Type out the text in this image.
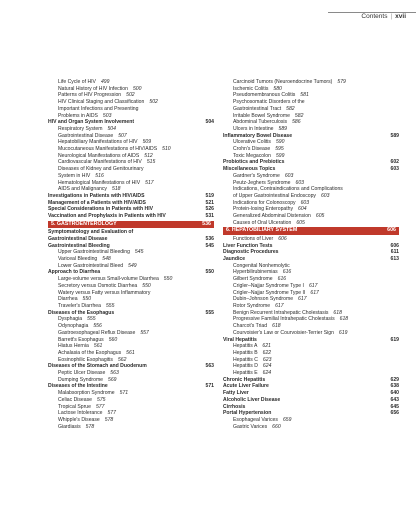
Contents | xvii
Life Cycle of HIV 499
Natural History of HIV Infection 500
Patterns of HIV Progression 502
HIV Clinical Staging and Classification 502
Important Infections and Presenting
Problems in AIDS 503
HIV and Organ System Involvement	504
Respiratory System 504
Gastrointestinal Disease 507
Hepatobiliary Manifestations of HIV 509
Mucocutaneous Manifestations of HIV/AIDS 510
Neurological Manifestations of AIDS 512
Cardiovascular Manifestations of HIV 515
Diseases of Kidney and Genitourinary
System in HIV 516
Hematological Manifestations of HIV 517
AIDS and Malignancy 518
Investigations in Patients with HIV/AIDS	519
Management of a Patients with HIV/AIDS	521
Special Considerations in Patients with HIV	526
Vaccination and Prophylaxis in Patients with HIV	531
5. GASTROENTEROLOGY	536
Symptomatology and Evaluation of
Gastrointestinal Disease	536
Gastrointestinal Bleeding	545
Upper Gastrointestinal Bleeding 545
Variceal Bleeding 548
Lower Gastrointestinal Bleed 549
Approach to Diarrhea	550
Large-volume versus Small-volume Diarrhea 550
Secretory versus Osmotic Diarrhea 550
Watery versus Fatty versus Inflammatory
Diarrhea 550
Traveler's Diarrhea 555
Diseases of the Esophagus	555
Dysphagia 555
Odynophagia 556
Gastroesophageal Reflux Disease 557
Barrett's Esophagus 560
Hiatus Hernia 561
Achalasia of the Esophagus 561
Eosinophilic Esophagitis 562
Diseases of the Stomach and Duodenum	563
Peptic Ulcer Disease 563
Dumping Syndrome 569
Diseases of the Intestine	571
Malabsorption Syndrome 571
Celiac Disease 575
Tropical Sprue 577
Lactose Intolerance 577
Whipple's Disease 578
Giardiasis 578
Carcinoid Tumors (Neuroendocrine Tumors) 579
Ischemic Colitis 580
Pseudomembranous Colitis 581
Psychosomatic Disorders of the
Gastrointestinal Tract 582
Irritable Bowel Syndrome 582
Abdominal Tuberculosis 586
Ulcers in Intestine 589
Inflammatory Bowel Disease	589
Ulcerative Colitis 590
Crohn's Disease 595
Toxic Megacolon 599
Probiotics and Prebiotics	602
Miscellaneous Topics	603
Gardner's Syndrome 603
Peutz-Jeghers Syndrome 603
Indications, Contraindications and Complications
of Upper Gastrointestinal Endoscopy 603
Indications for Colonoscopy 603
Protein-losing Enteropathy 604
Generalized Abdominal Distension 605
Causes of Oral Ulceration 605
6. HEPATOBILIARY SYSTEM	606
Functions of Liver 606
Liver Function Tests	606
Diagnostic Procedures	611
Jaundice	613
Congenital Nonhemolytic
Hyperbilirubinemias 616
Gilbert Syndrome 616
Crigler–Najjar Syndrome Type I 617
Crigler–Najjar Syndrome Type II 617
Dubin–Johnson Syndrome 617
Rotor Syndrome 617
Benign Recurrent Intrahepatic Cholestasis 618
Progressive Familial Intrahepatic Cholestasis 618
Charcot's Triad 618
Courvoisier's Law or Courvoisier-Terrier Sign 619
Viral Hepatitis	619
Hepatitis A 621
Hepatitis B 622
Hepatitis C 623
Hepatitis D 624
Hepatitis E 624
Chronic Hepatitis	629
Acute Liver Failure	638
Fatty Liver	640
Alcoholic Liver Disease	643
Cirrhosis	645
Portal Hypertension	656
Esophageal Varices 659
Gastric Varices 660
